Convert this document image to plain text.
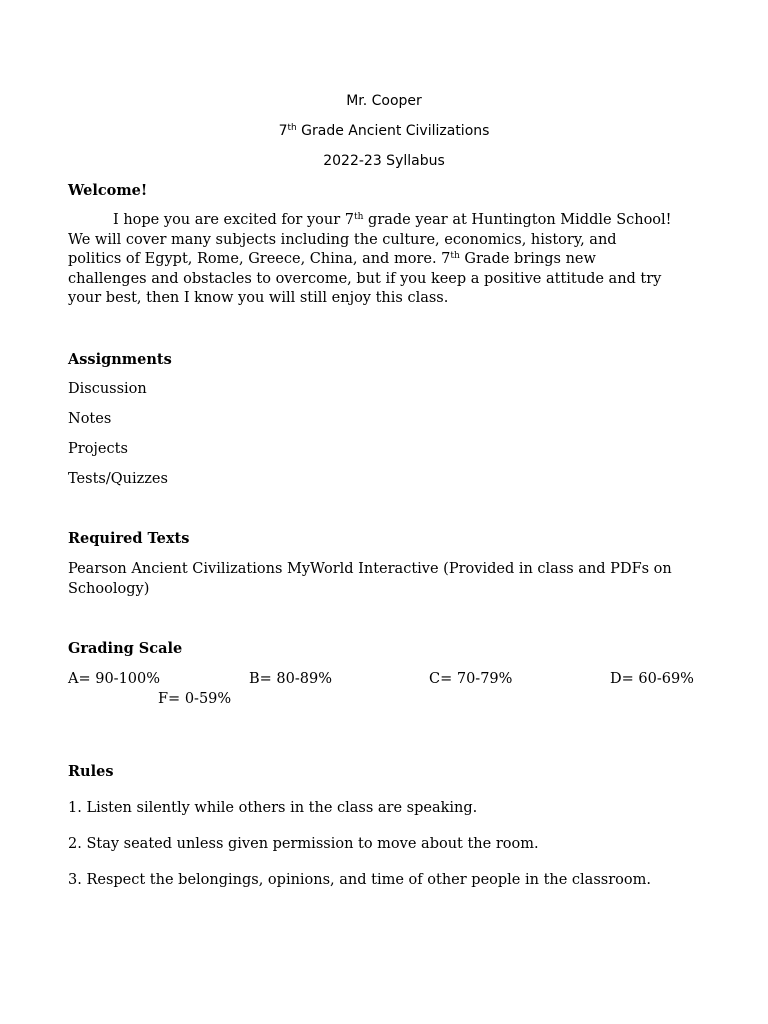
Mr. Cooper
7th Grade Ancient Civilizations
2022-23 Syllabus
Welcome!

I hope you are excited for your 7th grade year at Huntington Middle School!

We will cover many subjects including the culture, economics, history, and

politics of Egypt, Rome, Greece, China, and more. 7th Grade brings new

challenges and obstacles to overcome, but if you keep a positive attitude and try

your best, then I know you will still enjoy this class.

Assignments
Discussion
Notes
Projects
Tests/Quizzes
Required Texts
Pearson Ancient Civilizations MyWorld Interactive (Provided in class and PDFs on
Schoology)
Grading Scale
A= 90-100%	B= 80-89%	C= 70-79%	D= 60-69%
F= 0-59%
Rules
1. Listen silently while others in the class are speaking.
2. Stay seated unless given permission to move about the room.
3. Respect the belongings, opinions, and time of other people in the classroom.
